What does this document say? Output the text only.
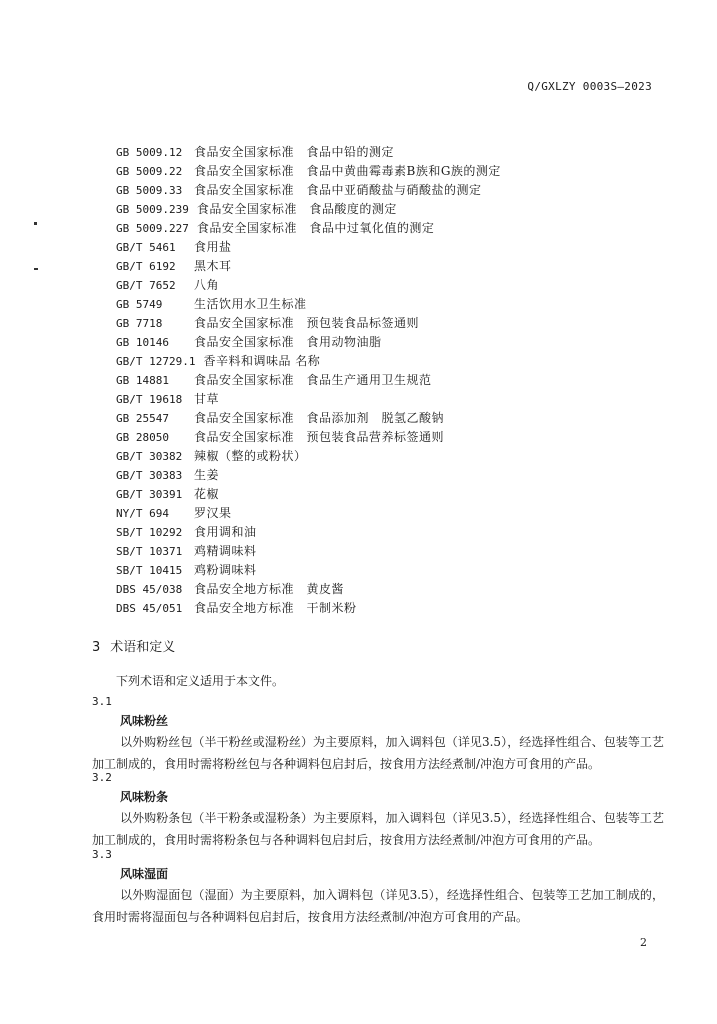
Q/GXLZY 0003S—2023
GB 5009.12 食品安全国家标准　食品中铅的测定
GB 5009.22 食品安全国家标准　食品中黄曲霉毒素B族和G族的测定
GB 5009.33 食品安全国家标准　食品中亚硝酸盐与硝酸盐的测定
GB 5009.239 食品安全国家标准　食品酸度的测定
GB 5009.227 食品安全国家标准　食品中过氧化值的测定
GB/T 5461 食用盐
GB/T 6192 黑木耳
GB/T 7652 八角
GB 5749	生活饮用水卫生标准
GB 7718	食品安全国家标准　预包装食品标签通则
GB 10146 食品安全国家标准　食用动物油脂
GB/T 12729.1 香辛料和调味品 名称
GB 14881 食品安全国家标准　食品生产通用卫生规范
GB/T 19618 甘草
GB 25547 食品安全国家标准　食品添加剂　脱氢乙酸钠
GB 28050 食品安全国家标准　预包装食品营养标签通则
GB/T 30382 辣椒（整的或粉状）
GB/T 30383 生姜
GB/T 30391 花椒
NY/T 694 罗汉果
SB/T 10292 食用调和油
SB/T 10371 鸡精调味料
SB/T 10415 鸡粉调味料
DBS 45/038 食品安全地方标准　黄皮酱
DBS 45/051 食品安全地方标准　干制米粉
3 术语和定义
下列术语和定义适用于本文件。
3.1
风味粉丝

以外购粉丝包（半干粉丝或湿粉丝）为主要原料，加入调料包（详见3.5），经选择性组合、包装等工艺加工制成的，食用时需将粉丝包与各种调料包启封后，按食用方法经煮制/冲泡方可食用的产品。

3.2
风味粉条

以外购粉条包（半干粉条或湿粉条）为主要原料，加入调料包（详见3.5），经选择性组合、包装等工艺加工制成的，食用时需将粉条包与各种调料包启封后，按食用方法经煮制/冲泡方可食用的产品。

3.3
风味湿面

以外购湿面包（湿面）为主要原料，加入调料包（详见3.5），经选择性组合、包装等工艺加工制成的，食用时需将湿面包与各种调料包启封后，按食用方法经煮制/冲泡方可食用的产品。

2
